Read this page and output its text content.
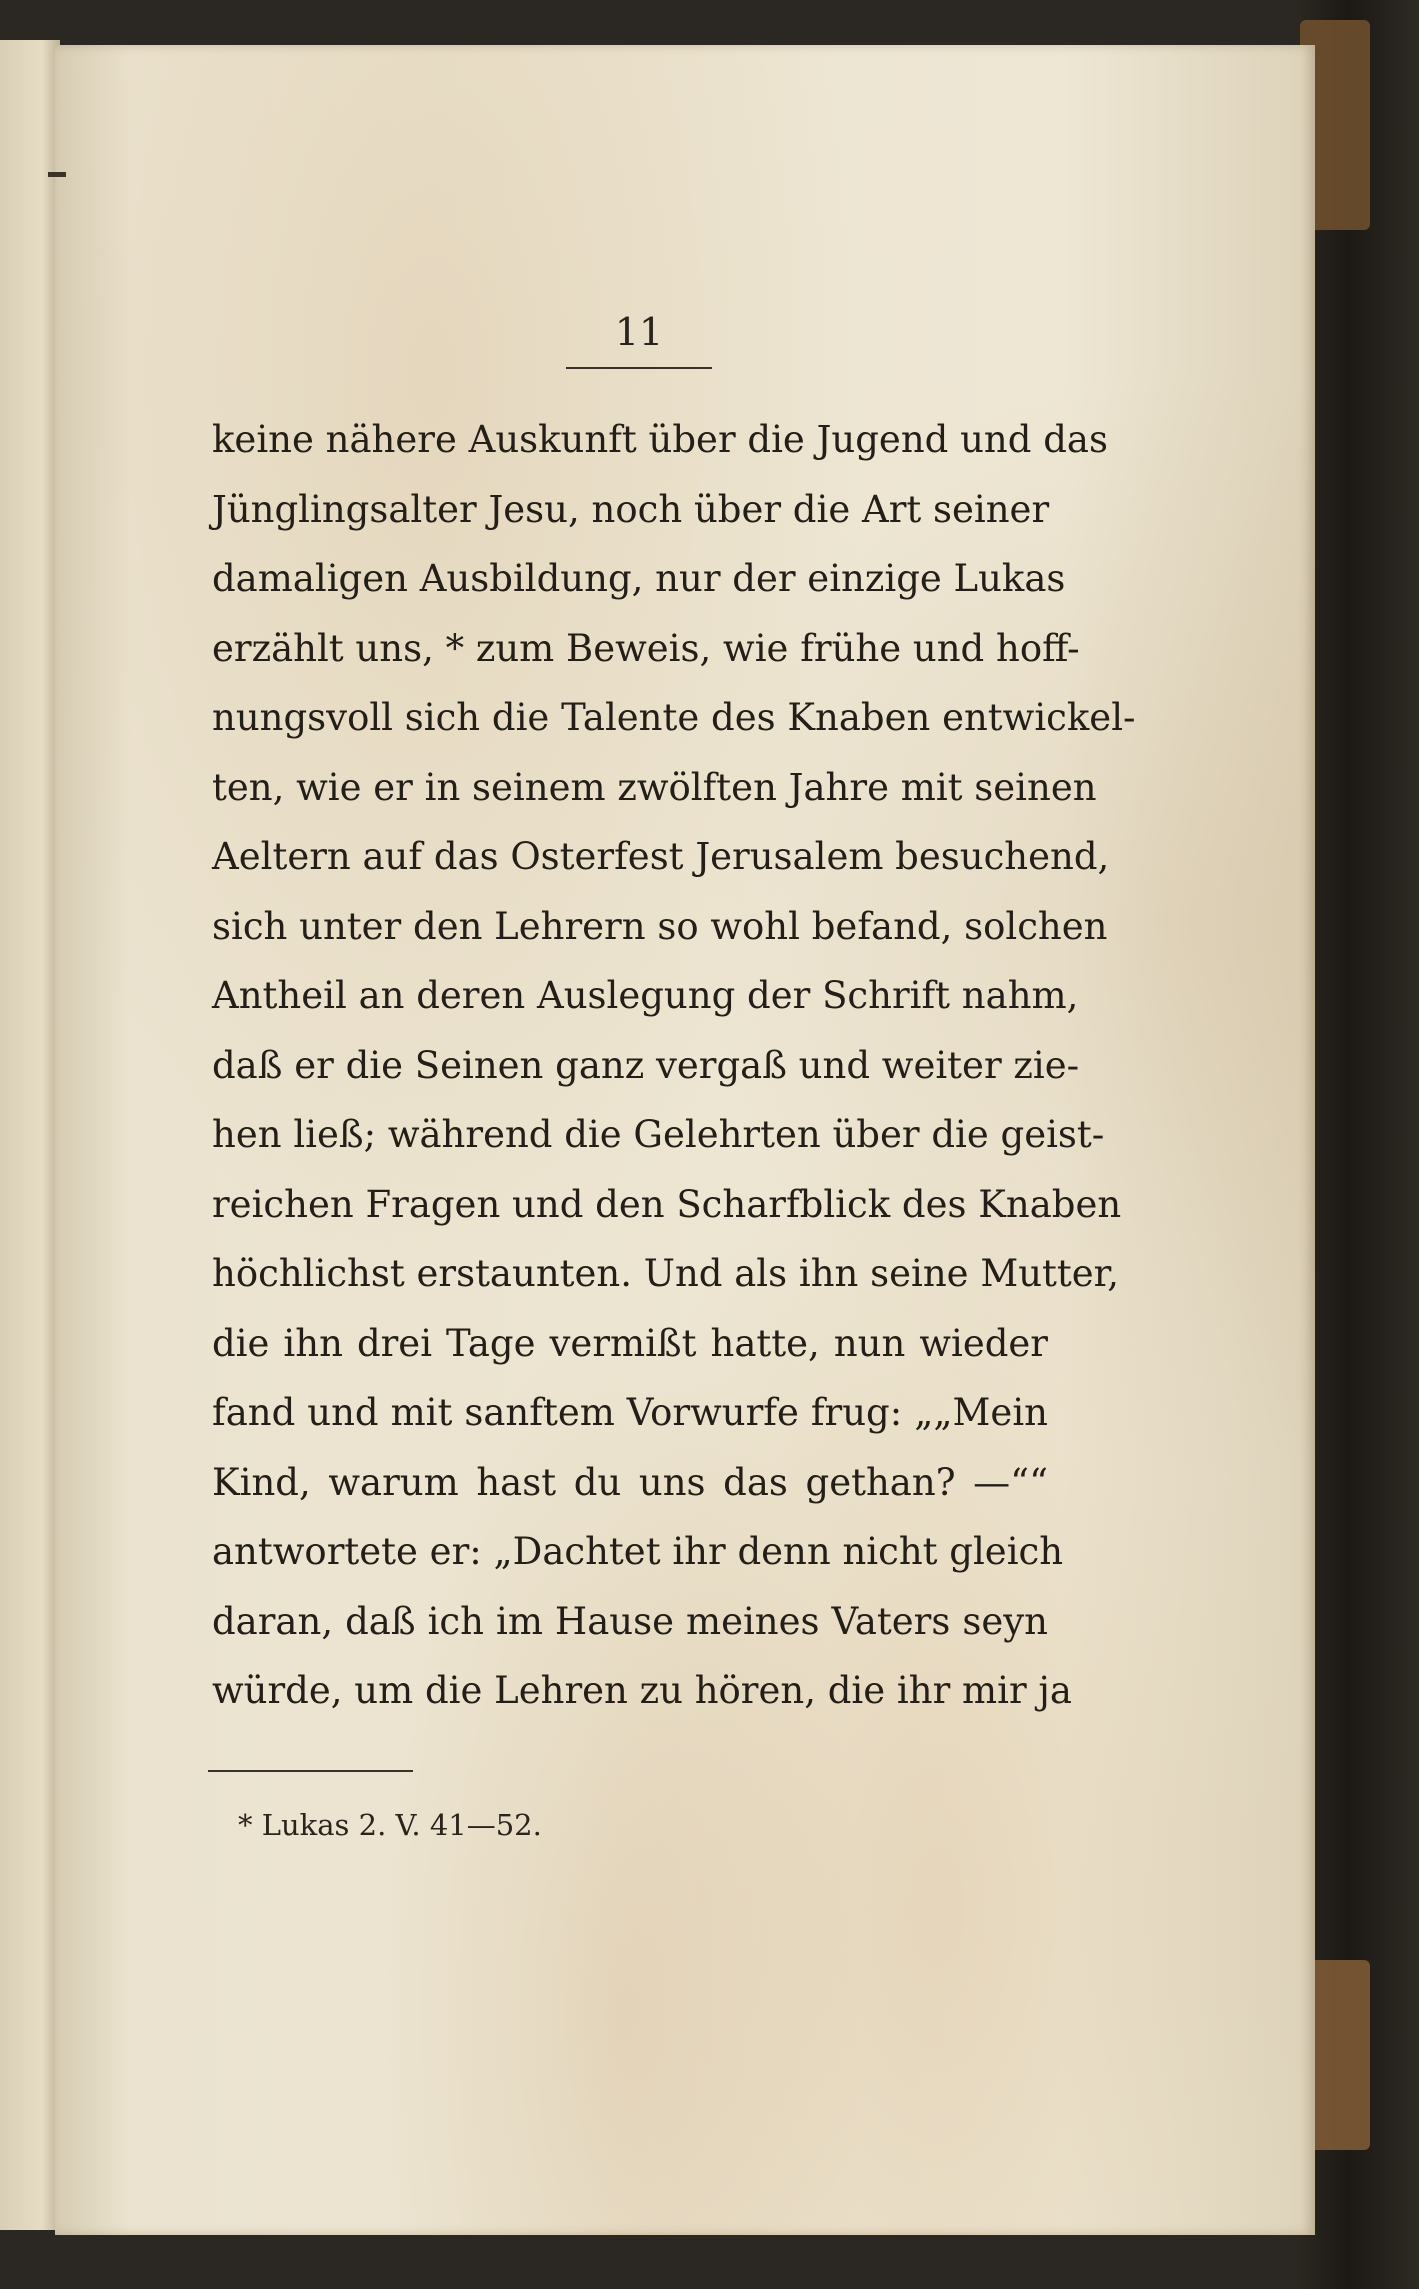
11
keine nähere Auskunft über die Jugend und das
Jünglingsalter Jesu, noch über die Art seiner
damaligen Ausbildung, nur der einzige Lukas
erzählt uns, * zum Beweis, wie frühe und hoff-
nungsvoll sich die Talente des Knaben entwickel-
ten, wie er in seinem zwölften Jahre mit seinen
Aeltern auf das Osterfest Jerusalem besuchend,
sich unter den Lehrern so wohl befand, solchen
Antheil an deren Auslegung der Schrift nahm,
daß er die Seinen ganz vergaß und weiter zie-
hen ließ; während die Gelehrten über die geist-
reichen Fragen und den Scharfblick des Knaben
höchlichst erstaunten. Und als ihn seine Mutter,
die ihn drei Tage vermißt hatte, nun wieder
fand und mit sanftem Vorwurfe frug: „„Mein
Kind, warum hast du uns das gethan? —““
antwortete er: „Dachtet ihr denn nicht gleich
daran, daß ich im Hause meines Vaters seyn
würde, um die Lehren zu hören, die ihr mir ja
* Lukas 2. V. 41—52.
